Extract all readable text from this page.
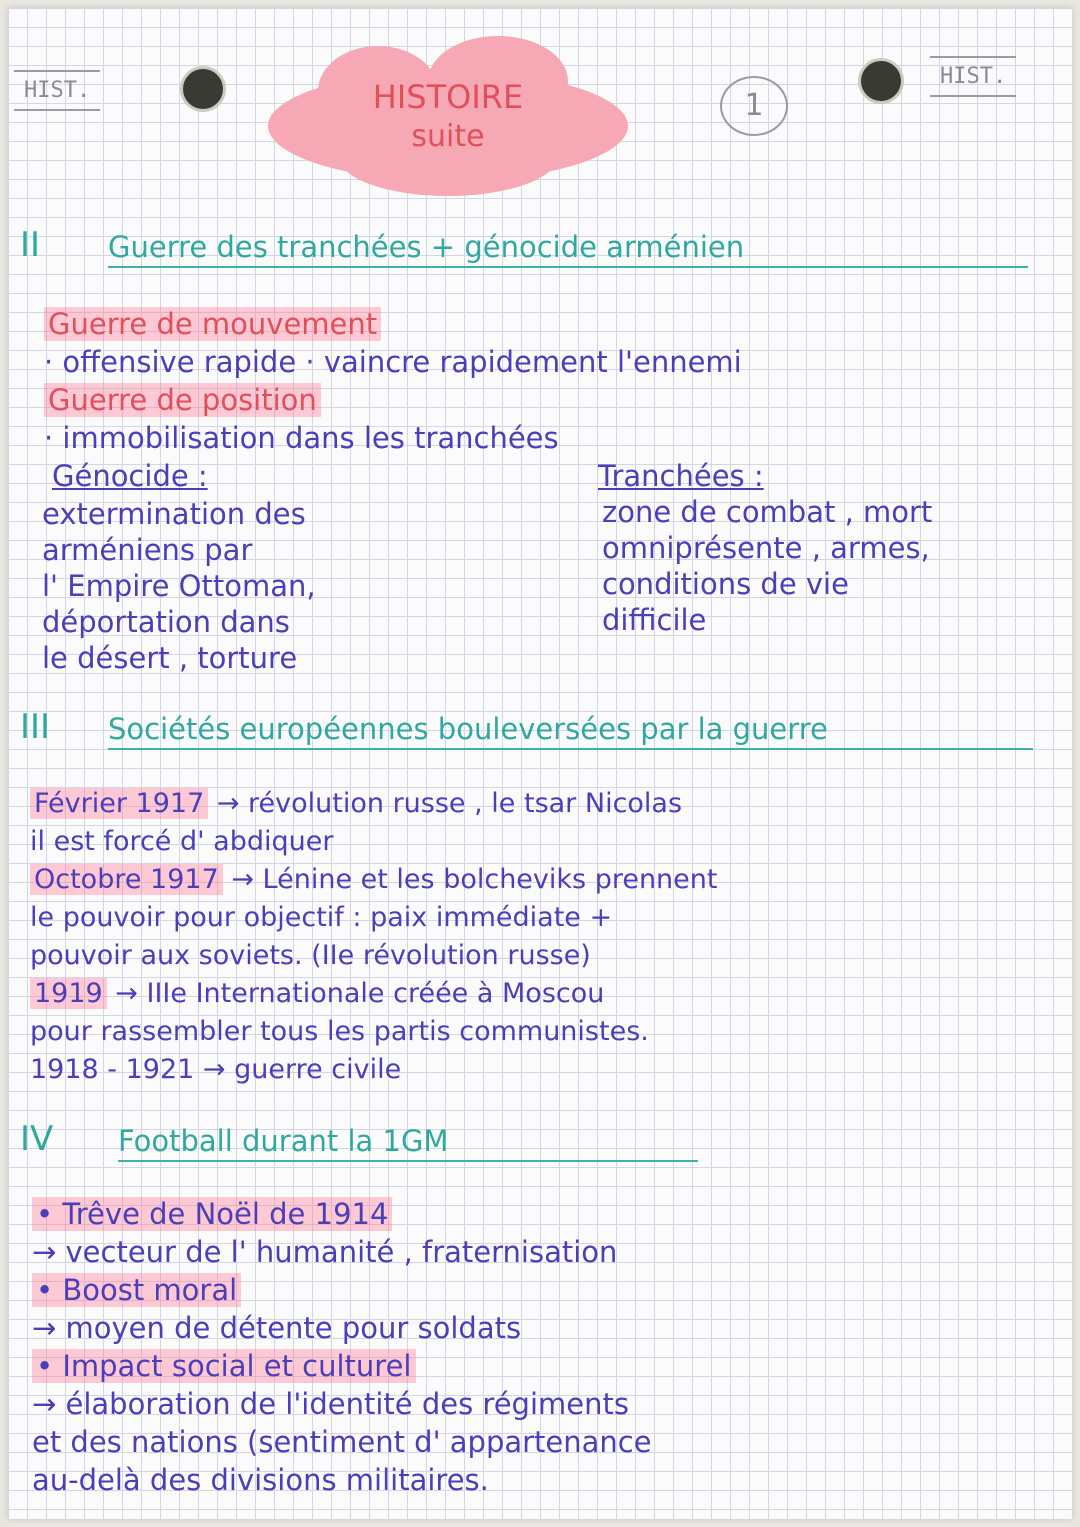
HIST.	HISTOIRE
suite
1
HIST.
II Guerre des tranchées + génocide arménien
Guerre de mouvement
· offensive rapide · vaincre rapidement l'ennemi
Guerre de position
· immobilisation dans les tranchées
Génocide :
extermination des
arméniens par
l' Empire Ottoman,
déportation dans
le désert , torture
Tranchées :
zone de combat , mort
omniprésente , armes,
conditions de vie
difficile
III Sociétés européennes bouleversées par la guerre
Février 1917 → révolution russe , le tsar Nicolas
il est forcé d' abdiquer
Octobre 1917 → Lénine et les bolcheviks prennent
le pouvoir pour objectif : paix immédiate +
pouvoir aux soviets. (IIe révolution russe)
1919 → IIIe Internationale créée à Moscou
pour rassembler tous les partis communistes.
1918 - 1921 → guerre civile
IV Football durant la 1GM
• Trêve de Noël de 1914
→ vecteur de l' humanité , fraternisation
• Boost moral
→ moyen de détente pour soldats
• Impact social et culturel
→ élaboration de l'identité des régiments
et des nations (sentiment d' appartenance
au-delà des divisions militaires.
